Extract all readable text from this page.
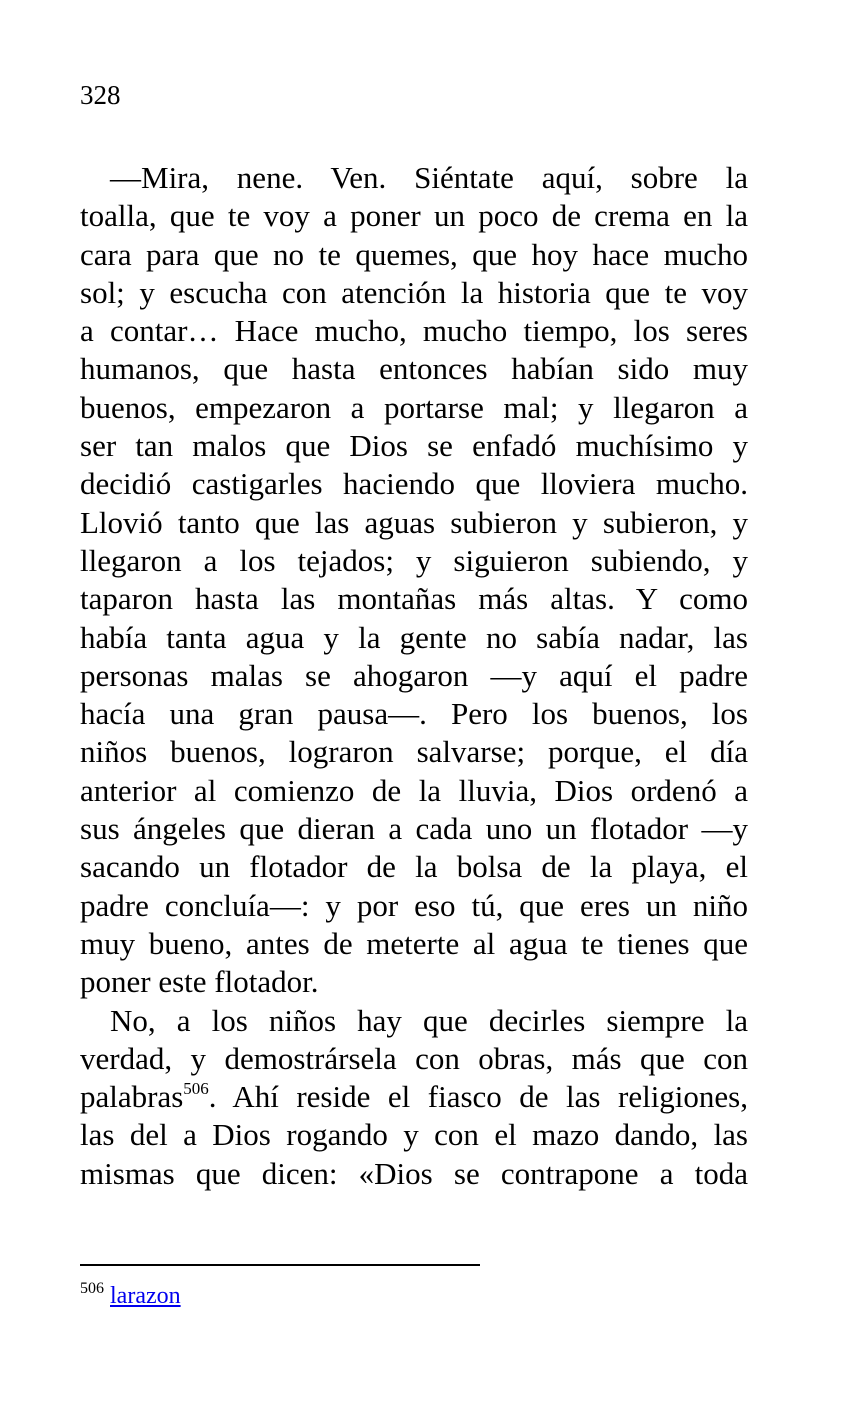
328
—Mira, nene. Ven. Siéntate aquí, sobre la
toalla, que te voy a poner un poco de crema en la
cara para que no te quemes, que hoy hace mucho
sol; y escucha con atención la historia que te voy
a contar… Hace mucho, mucho tiempo, los seres
humanos, que hasta entonces habían sido muy
buenos, empezaron a portarse mal; y llegaron a
ser tan malos que Dios se enfadó muchísimo y
decidió castigarles haciendo que lloviera mucho.
Llovió tanto que las aguas subieron y subieron, y
llegaron a los tejados; y siguieron subiendo, y
taparon hasta las montañas más altas. Y como
había tanta agua y la gente no sabía nadar, las
personas malas se ahogaron —y aquí el padre
hacía una gran pausa—. Pero los buenos, los
niños buenos, lograron salvarse; porque, el día
anterior al comienzo de la lluvia, Dios ordenó a
sus ángeles que dieran a cada uno un flotador —y
sacando un flotador de la bolsa de la playa, el
padre concluía—: y por eso tú, que eres un niño
muy bueno, antes de meterte al agua te tienes que
poner este flotador.
No, a los niños hay que decirles siempre la
verdad, y demostrársela con obras, más que con
palabras$^{506}$. Ahí reside el fiasco de las religiones,
las del a Dios rogando y con el mazo dando, las
mismas que dicen: «Dios se contrapone a toda
$^{506}$ larazon
